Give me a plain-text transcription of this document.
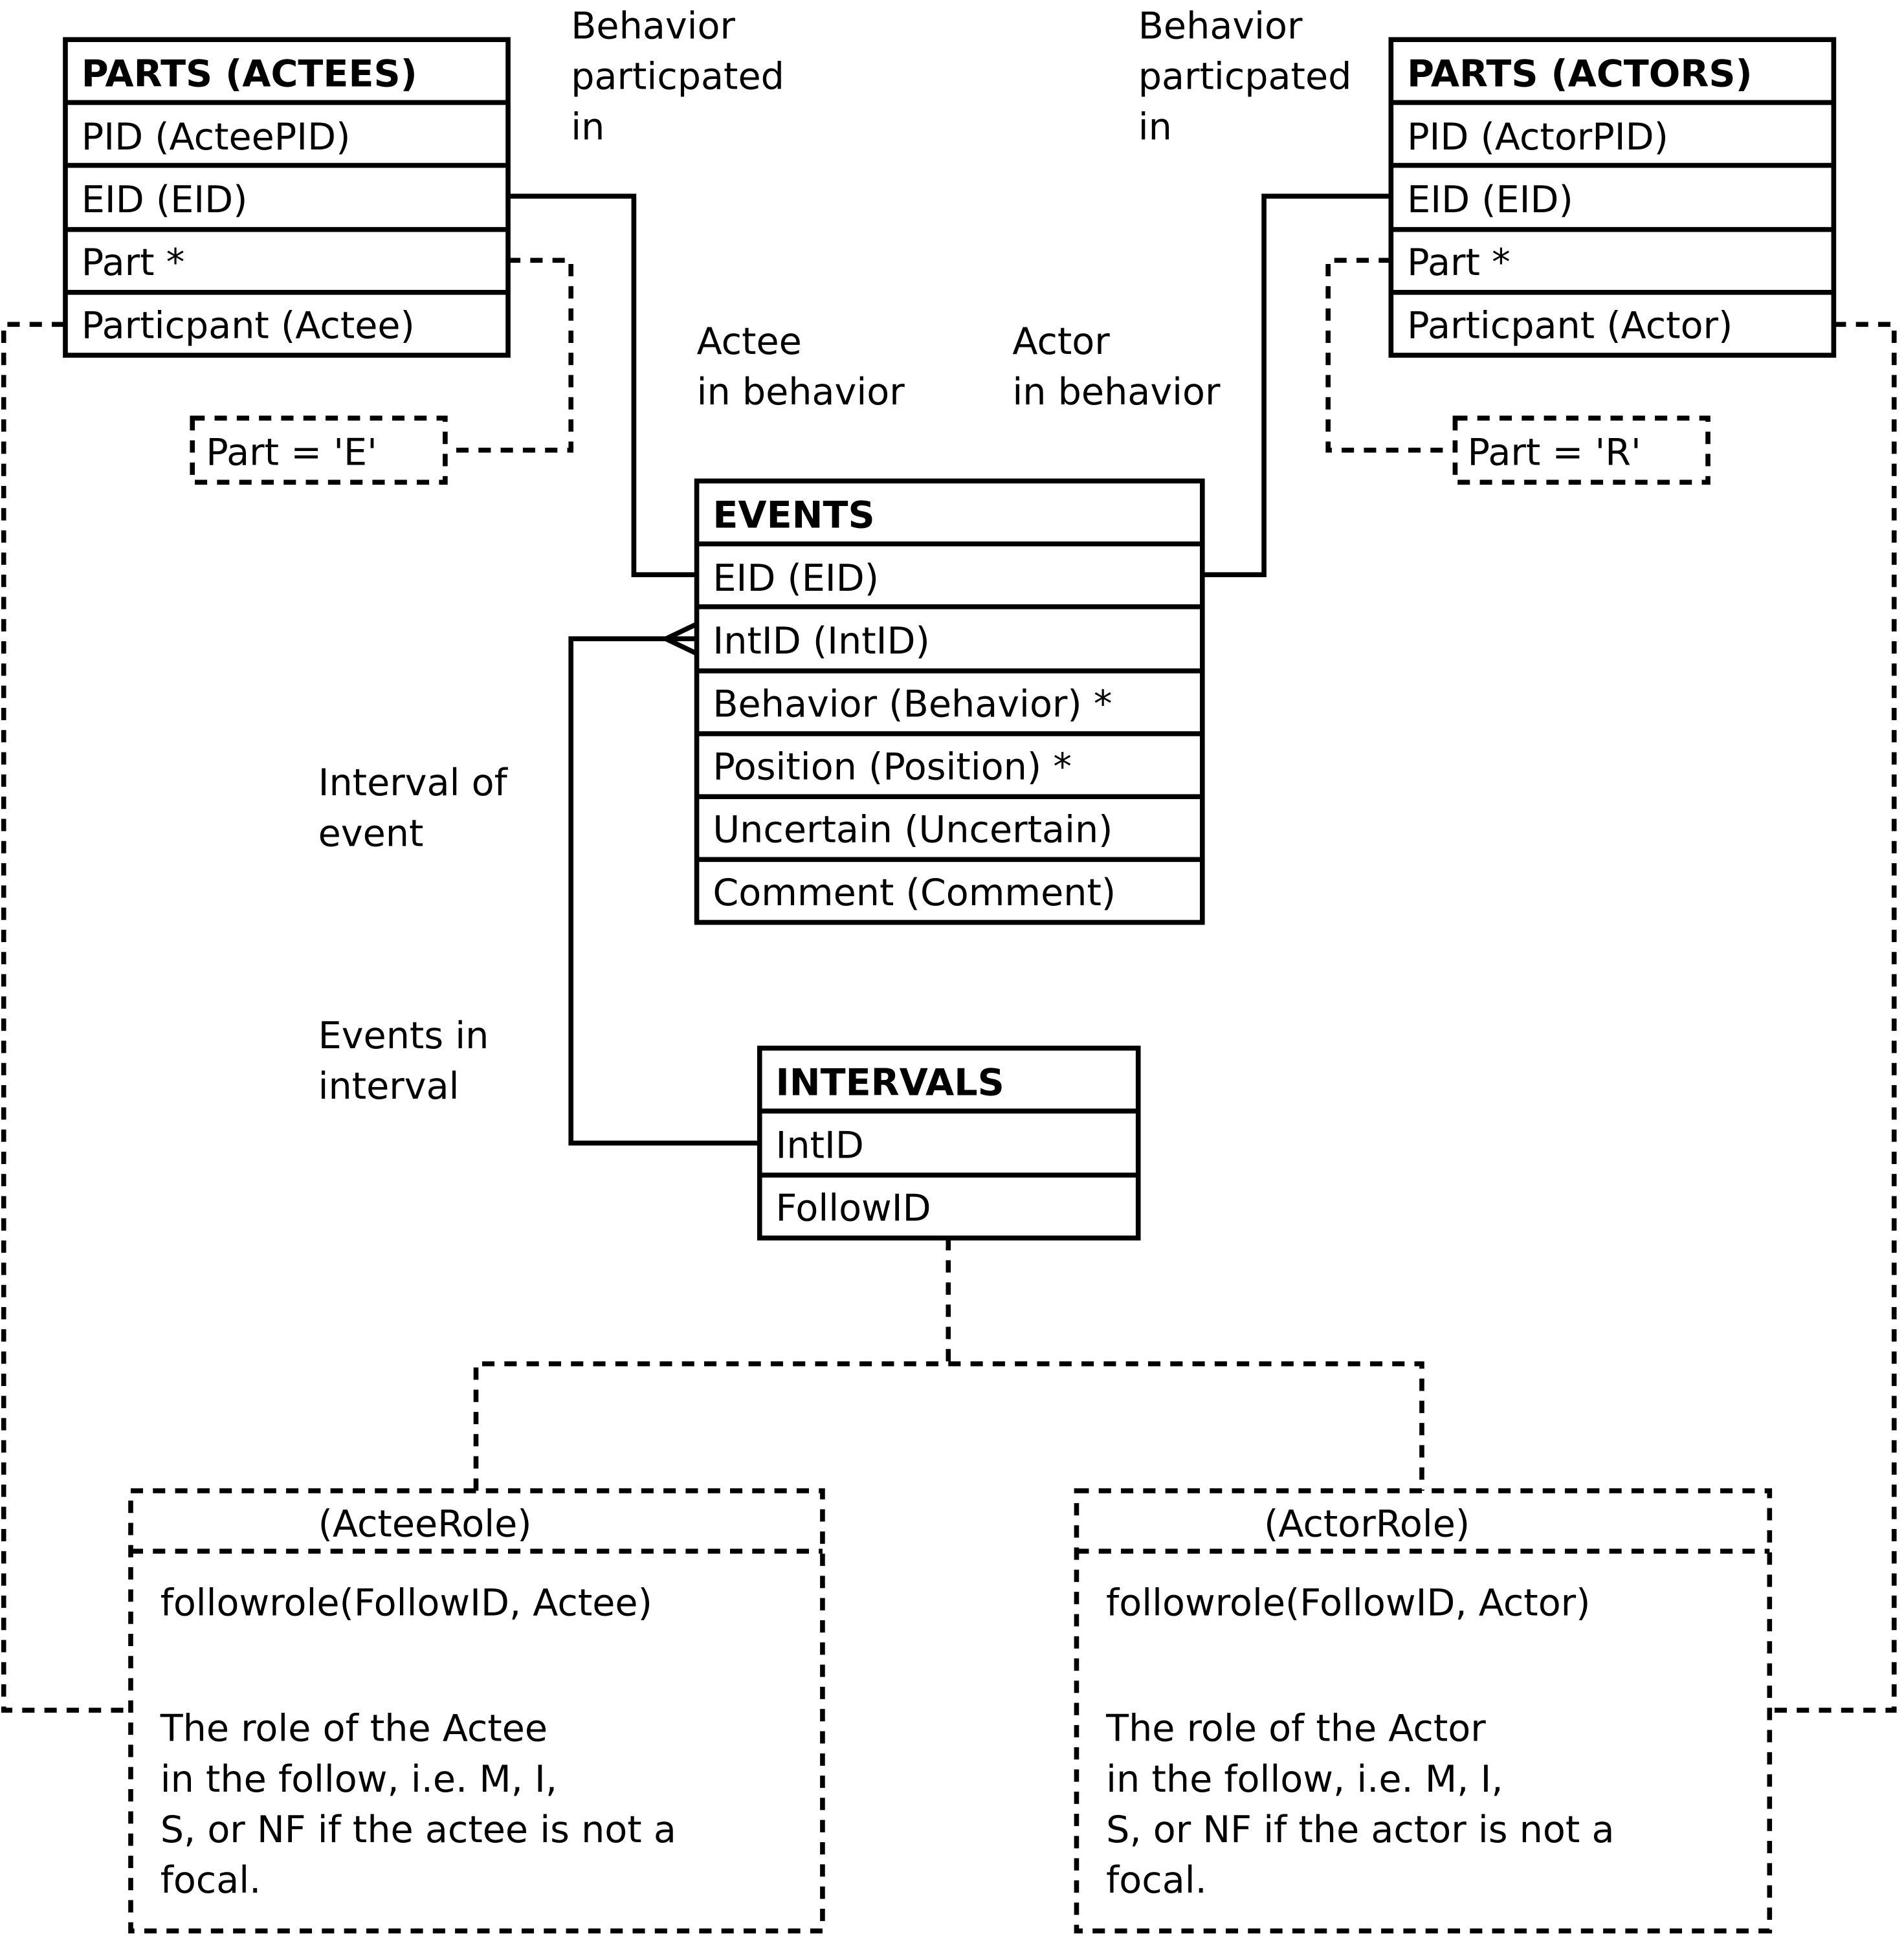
PARTS (ACTEES)
PID (ActeePID)
EID (EID)
Part *
Particpant (Actee)
PARTS (ACTORS)
PID (ActorPID)
EID (EID)
Part *
Particpant (Actor)
Part = 'E'	Part = 'R'
EVENTS
EID (EID)
IntID (IntID)
Behavior (Behavior) *
Position (Position) *
Uncertain (Uncertain)
Comment (Comment)
INTERVALS
IntID
FollowID
Behavior
particpated
in
Behavior
particpated
in
Actee
in behavior
Actor
in behavior
Interval of
event
Events in
interval
(ActeeRole)
followrole(FollowID, Actee)
The role of the Actee
in the follow, i.e. M, I,
S, or NF if the actee is not a
focal.
(ActorRole)
followrole(FollowID, Actor)
The role of the Actor
in the follow, i.e. M, I,
S, or NF if the actor is not a
focal.
